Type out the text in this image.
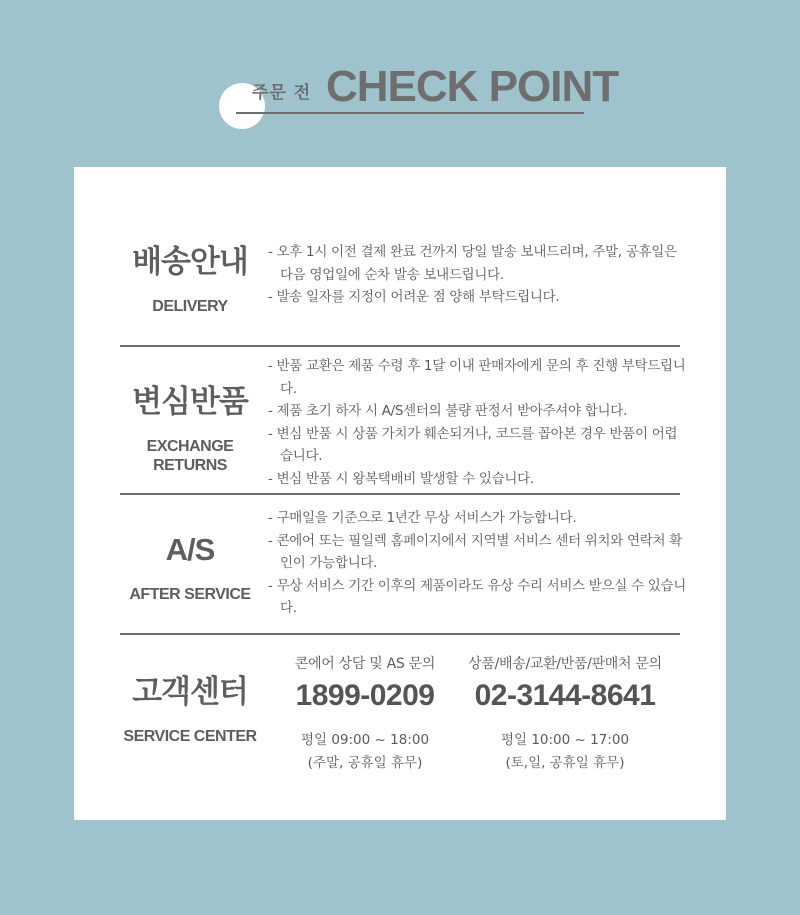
주문 전 CHECK POINT
배송안내
DELIVERY
- 오후 1시 이전 결제 완료 건까지 당일 발송 보내드리며, 주말, 공휴일은 다음 영업일에 순차 발송 보내드립니다.
- 발송 일자를 지정이 어려운 점 양해 부탁드립니다.
변심반품
EXCHANGE RETURNS
- 반품 교환은 제품 수령 후 1달 이내 판매자에게 문의 후 진행 부탁드립니다.
- 제품 초기 하자 시 A/S센터의 불량 판정서 받아주셔야 합니다.
- 변심 반품 시 상품 가치가 훼손되거나, 코드를 꼽아본 경우 반품이 어렵습니다.
- 변심 반품 시 왕복택배비 발생할 수 있습니다.
A/S
AFTER SERVICE
- 구매일을 기준으로 1년간 무상 서비스가 가능합니다.
- 콘에어 또는 필일렉 홈페이지에서 지역별 서비스 센터 위치와 연락처 확인이 가능합니다.
- 무상 서비스 기간 이후의 제품이라도 유상 수리 서비스 받으실 수 있습니다.
고객센터
SERVICE CENTER
콘에어 상담 및 AS 문의
1899-0209
평일 09:00 ~ 18:00
(주말, 공휴일 휴무)
상품/배송/교환/반품/판매처 문의
02-3144-8641
평일 10:00 ~ 17:00
(토,일, 공휴일 휴무)
